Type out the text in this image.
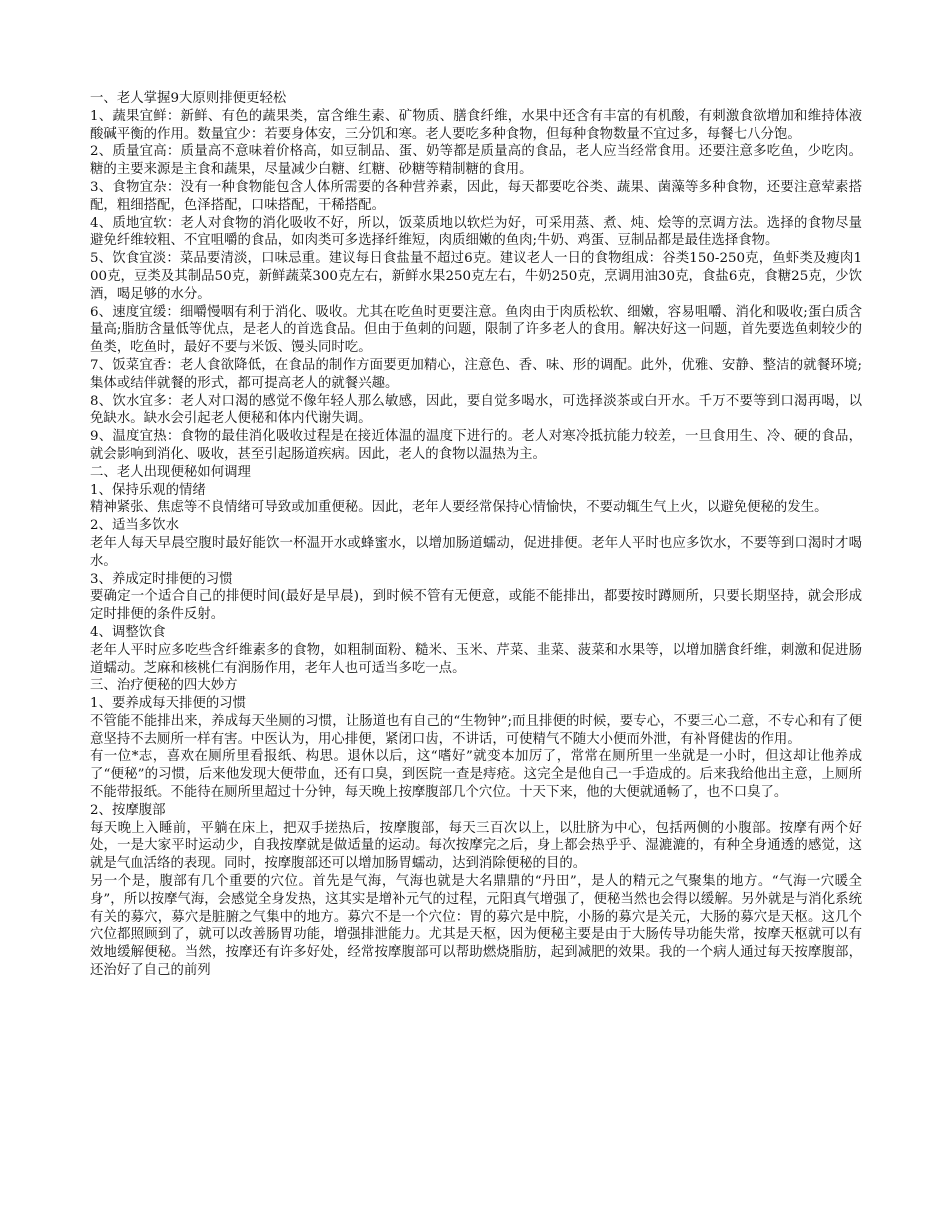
一、老人掌握9大原则排便更轻松
1、蔬果宜鲜：新鲜、有色的蔬果类，富含维生素、矿物质、膳食纤维，水果中还含有丰富的有机酸，有刺激食欲增加和维持体液酸碱平衡的作用。数量宜少：若要身体安，三分饥和寒。老人要吃多种食物，但每种食物数量不宜过多，每餐七八分饱。
2、质量宜高：质量高不意味着价格高，如豆制品、蛋、奶等都是质量高的食品，老人应当经常食用。还要注意多吃鱼，少吃肉。糖的主要来源是主食和蔬果，尽量减少白糖、红糖、砂糖等精制糖的食用。
3、食物宜杂：没有一种食物能包含人体所需要的各种营养素，因此，每天都要吃谷类、蔬果、菌藻等多种食物，还要注意荤素搭配，粗细搭配，色泽搭配，口味搭配，干稀搭配。
4、质地宜软：老人对食物的消化吸收不好，所以，饭菜质地以软烂为好，可采用蒸、煮、炖、烩等的烹调方法。选择的食物尽量避免纤维较粗、不宜咀嚼的食品，如肉类可多选择纤维短，肉质细嫩的鱼肉;牛奶、鸡蛋、豆制品都是最佳选择食物。
5、饮食宜淡：菜品要清淡，口味忌重。建议每日食盐量不超过6克。建议老人一日的食物组成：谷类150-250克，鱼虾类及瘦肉100克，豆类及其制品50克，新鲜蔬菜300克左右，新鲜水果250克左右，牛奶250克，烹调用油30克，食盐6克，食糖25克，少饮酒，喝足够的水分。
6、速度宜缓：细嚼慢咽有利于消化、吸收。尤其在吃鱼时更要注意。鱼肉由于肉质松软、细嫩，容易咀嚼、消化和吸收;蛋白质含量高;脂肪含量低等优点，是老人的首选食品。但由于鱼刺的问题，限制了许多老人的食用。解决好这一问题，首先要选鱼刺较少的鱼类，吃鱼时，最好不要与米饭、馒头同时吃。
7、饭菜宜香：老人食欲降低，在食品的制作方面要更加精心，注意色、香、味、形的调配。此外，优雅、安静、整洁的就餐环境;集体或结伴就餐的形式，都可提高老人的就餐兴趣。
8、饮水宜多：老人对口渴的感觉不像年轻人那么敏感，因此，要自觉多喝水，可选择淡茶或白开水。千万不要等到口渴再喝，以免缺水。缺水会引起老人便秘和体内代谢失调。
9、温度宜热：食物的最佳消化吸收过程是在接近体温的温度下进行的。老人对寒冷抵抗能力较差，一旦食用生、冷、硬的食品，就会影响到消化、吸收，甚至引起肠道疾病。因此，老人的食物以温热为主。
二、老人出现便秘如何调理
1、保持乐观的情绪
精神紧张、焦虑等不良情绪可导致或加重便秘。因此，老年人要经常保持心情愉快，不要动辄生气上火，以避免便秘的发生。
2、适当多饮水
老年人每天早晨空腹时最好能饮一杯温开水或蜂蜜水，以增加肠道蠕动，促进排便。老年人平时也应多饮水，不要等到口渴时才喝水。
3、养成定时排便的习惯
要确定一个适合自己的排便时间(最好是早晨)，到时候不管有无便意，或能不能排出，都要按时蹲厕所，只要长期坚持，就会形成定时排便的条件反射。
4、调整饮食
老年人平时应多吃些含纤维素多的食物，如粗制面粉、糙米、玉米、芹菜、韭菜、菠菜和水果等，以增加膳食纤维，刺激和促进肠道蠕动。芝麻和核桃仁有润肠作用，老年人也可适当多吃一点。
三、治疗便秘的四大妙方
1、要养成每天排便的习惯
不管能不能排出来，养成每天坐厕的习惯，让肠道也有自己的“生物钟”;而且排便的时候，要专心，不要三心二意，不专心和有了便意坚持不去厕所一样有害。中医认为，用心排便，紧闭口齿，不讲话，可使精气不随大小便而外泄，有补肾健齿的作用。
有一位*志，喜欢在厕所里看报纸、构思。退休以后，这“嗜好”就变本加厉了，常常在厕所里一坐就是一小时，但这却让他养成了“便秘”的习惯，后来他发现大便带血，还有口臭，到医院一查是痔疮。这完全是他自己一手造成的。后来我给他出主意，上厕所不能带报纸。不能待在厕所里超过十分钟，每天晚上按摩腹部几个穴位。十天下来，他的大便就通畅了，也不口臭了。
2、按摩腹部
每天晚上入睡前，平躺在床上，把双手搓热后，按摩腹部，每天三百次以上，以肚脐为中心，包括两侧的小腹部。按摩有两个好处，一是大家平时运动少，自我按摩就是做适量的运动。每次按摩完之后，身上都会热乎乎、湿漉漉的，有种全身通透的感觉，这就是气血活络的表现。同时，按摩腹部还可以增加肠胃蠕动，达到消除便秘的目的。
另一个是，腹部有几个重要的穴位。首先是气海，气海也就是大名鼎鼎的“丹田”，是人的精元之气聚集的地方。“气海一穴暖全身”，所以按摩气海，会感觉全身发热，这其实是增补元气的过程，元阳真气增强了，便秘当然也会得以缓解。另外就是与消化系统有关的募穴，募穴是脏腑之气集中的地方。募穴不是一个穴位：胃的募穴是中脘，小肠的募穴是关元，大肠的募穴是天枢。这几个穴位都照顾到了，就可以改善肠胃功能，增强排泄能力。尤其是天枢，因为便秘主要是由于大肠传导功能失常，按摩天枢就可以有效地缓解便秘。当然，按摩还有许多好处，经常按摩腹部可以帮助燃烧脂肪，起到减肥的效果。我的一个病人通过每天按摩腹部，还治好了自己的前列
